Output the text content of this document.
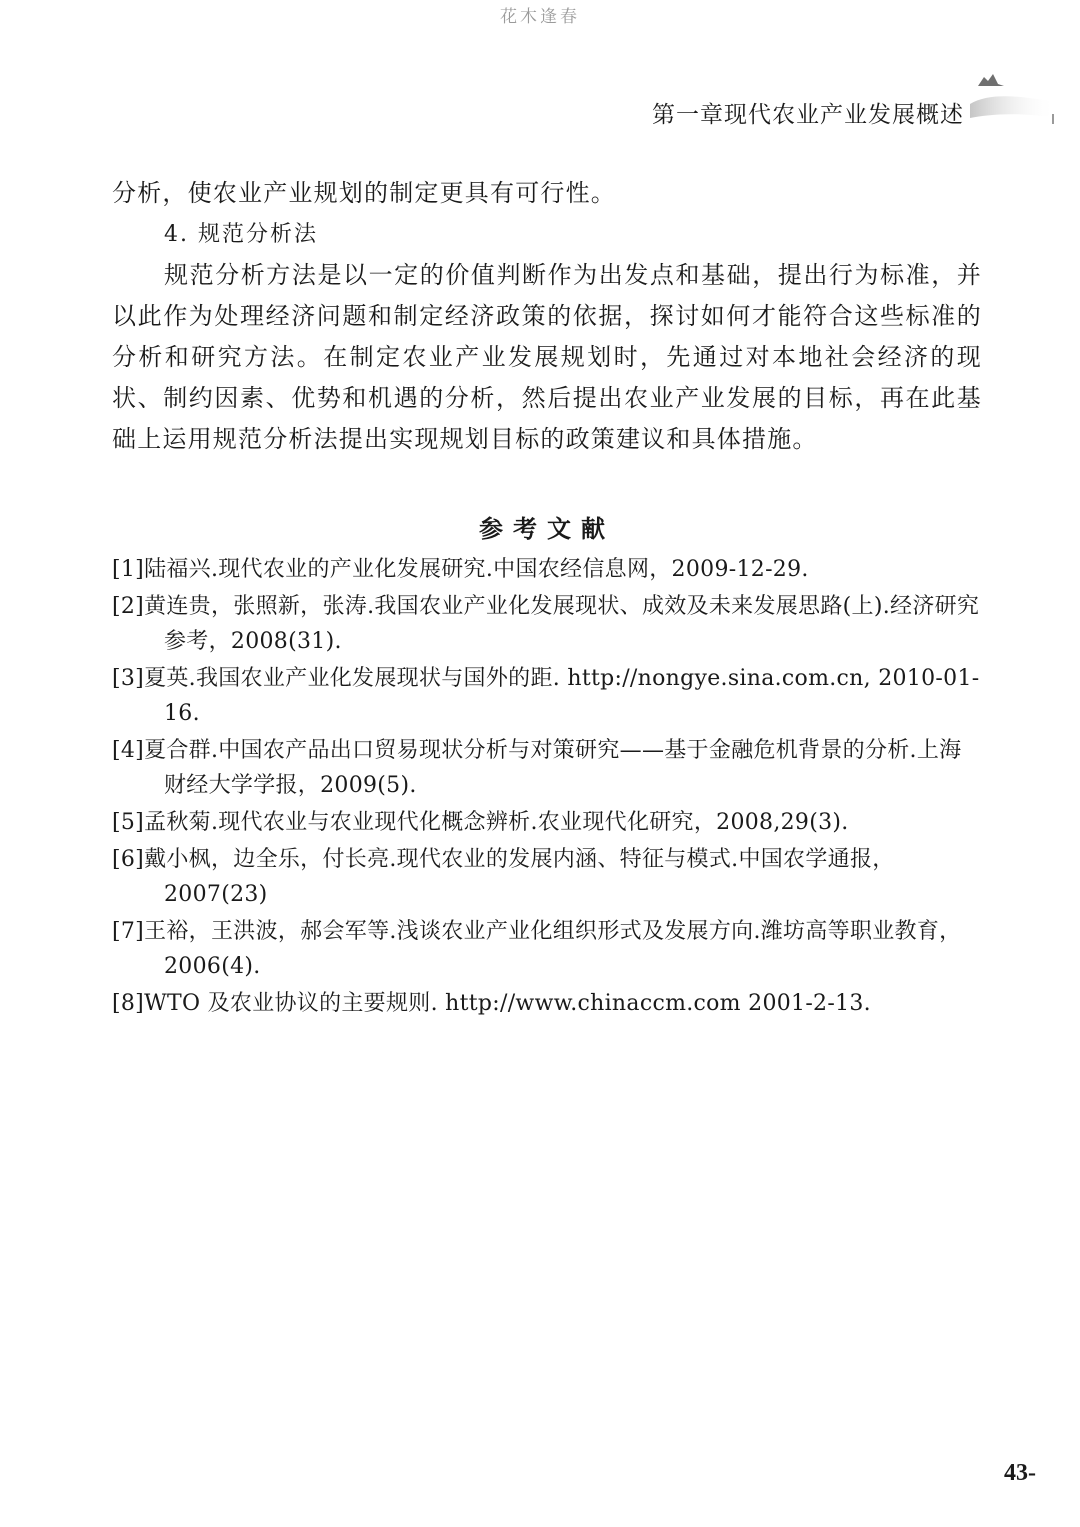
花木逢春
第一章现代农业产业发展概述

分析，使农业产业规划的制定更具有可行性。

4. 规范分析法

规范分析方法是以一定的价值判断作为出发点和基础，提出行为标准，并以此作为处理经济问题和制定经济政策的依据，探讨如何才能符合这些标准的分析和研究方法。在制定农业产业发展规划时，先通过对本地社会经济的现状、制约因素、优势和机遇的分析，然后提出农业产业发展的目标，再在此基础上运用规范分析法提出实现规划目标的政策建议和具体措施。

参考文献
[1]陆福兴.现代农业的产业化发展研究.中国农经信息网，2009-12-29.
[2]黄连贵，张照新，张涛.我国农业产业化发展现状、成效及未来发展思路(上).经济研究参考，2008(31).
[3]夏英.我国农业产业化发展现状与国外的距. http://nongye.sina.com.cn, 2010-01-16.
[4]夏合群.中国农产品出口贸易现状分析与对策研究——基于金融危机背景的分析.上海财经大学学报，2009(5).
[5]孟秋菊.现代农业与农业现代化概念辨析.农业现代化研究，2008,29(3).
[6]戴小枫，边全乐，付长亮.现代农业的发展内涵、特征与模式.中国农学通报，2007(23)
[7]王裕，王洪波，郝会军等.浅谈农业产业化组织形式及发展方向.潍坊高等职业教育，2006(4).
[8]WTO 及农业协议的主要规则. http://www.chinaccm.com 2001-2-13.
43-
